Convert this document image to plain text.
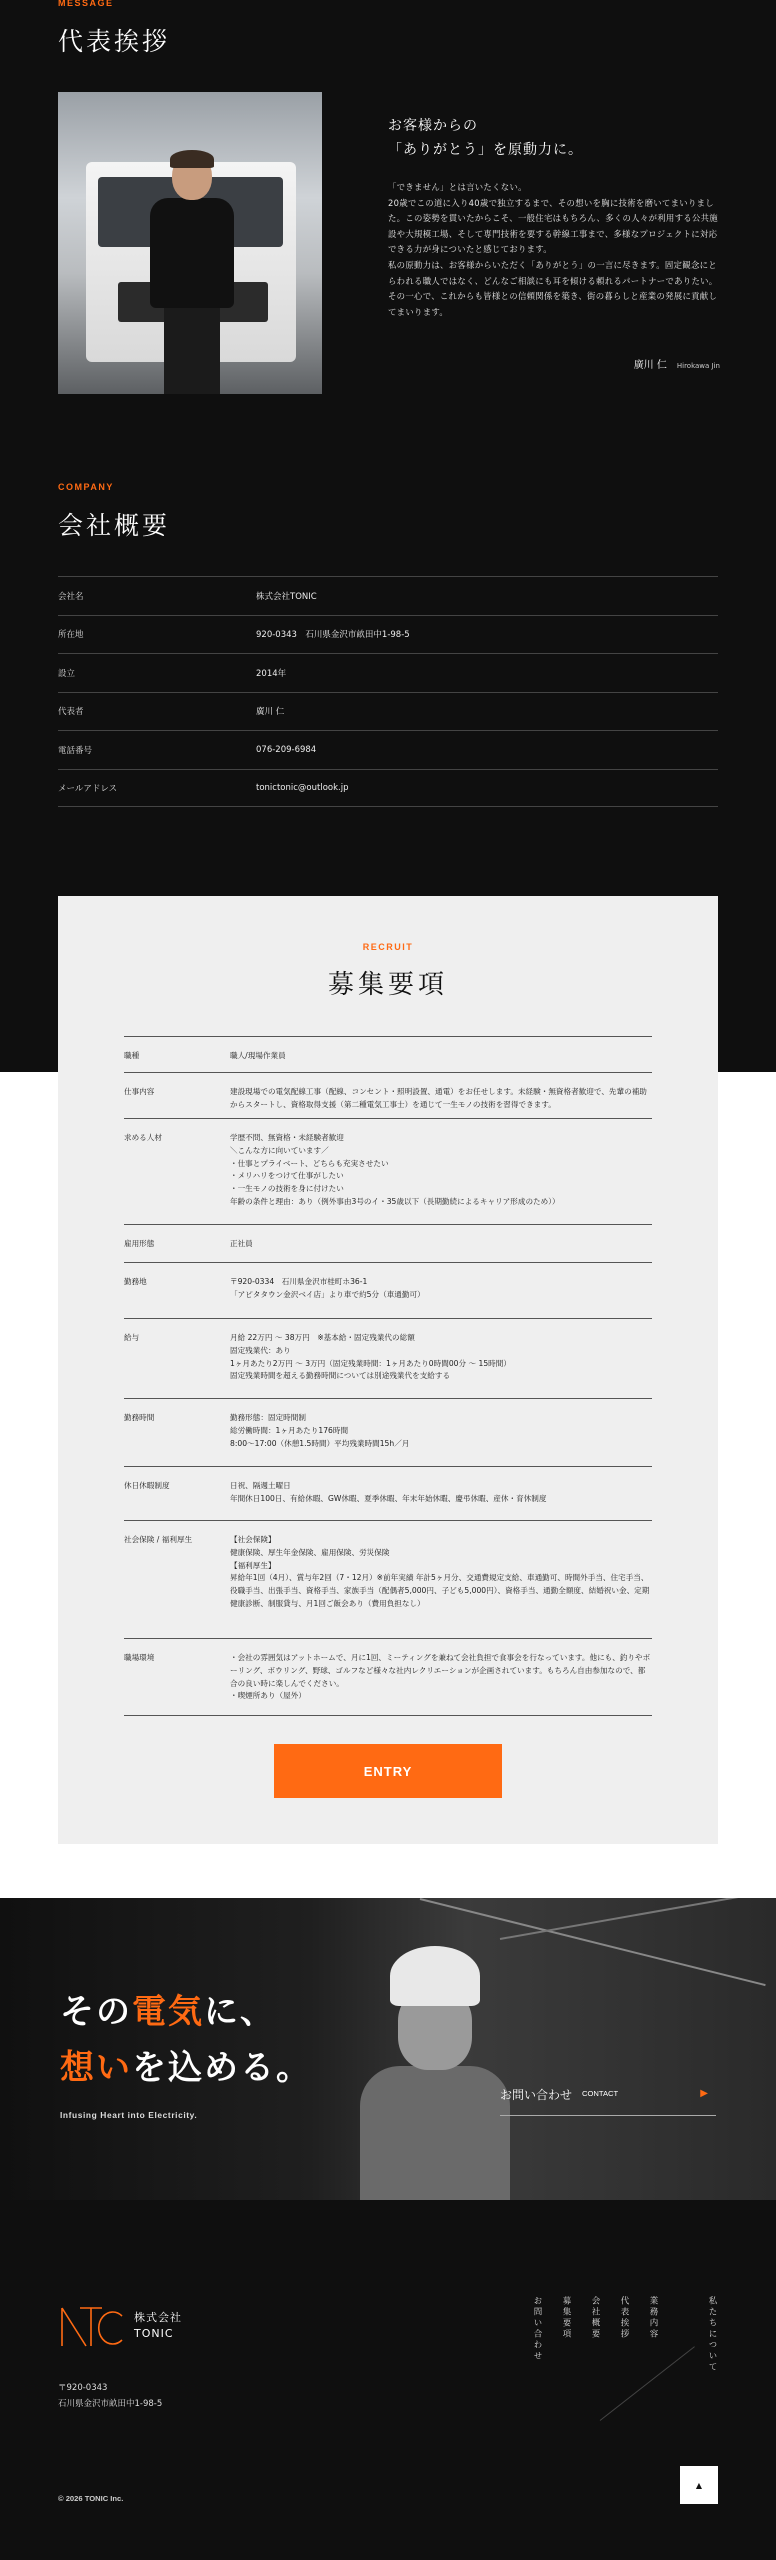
MESSAGE
代表挨拶
お客様からの
「ありがとう」を原動力に。

「できません」とは言いたくない。

20歳でこの道に入り40歳で独立するまで、その想いを胸に技術を磨いてまいりました。この姿勢を貫いたからこそ、一般住宅はもちろん、多くの人々が利用する公共施設や大規模工場、そして専門技術を要する幹線工事まで、多様なプロジェクトに対応できる力が身についたと感じております。

私の原動力は、お客様からいただく「ありがとう」の一言に尽きます。固定観念にとらわれる職人ではなく、どんなご相談にも耳を傾ける頼れるパートナーでありたい。

その一心で、これからも皆様との信頼関係を築き、街の暮らしと産業の発展に貢献してまいります。

廣川 仁 Hirokawa Jin
COMPANY
会社概要
会社名	株式会社TONIC
所在地	920-0343　石川県金沢市畝田中1-98-5
設立	2014年
代表者	廣川 仁
電話番号	076-209-6984
メールアドレス	tonictonic@outlook.jp
RECRUIT
募集要項
職種	職人/現場作業員
仕事内容	建設現場での電気配線工事（配線、コンセント・照明設置、通電）をお任せします。未経験・無資格者歓迎で、先輩の補助からスタートし、資格取得支援（第二種電気工事士）を通じて一生モノの技術を習得できます。
求める人材	学歴不問、無資格・未経験者歓迎
＼こんな方に向いています／
・仕事とプライベート、どちらも充実させたい
・メリハリをつけて仕事がしたい
・一生モノの技術を身に付けたい
年齢の条件と理由：あり（例外事由3号のイ・35歳以下（長期勤続によるキャリア形成のため））
雇用形態	正社員
勤務地	〒920-0334　石川県金沢市桂町ホ36-1
「アピタタウン金沢ベイ店」より車で約5分（車通勤可）
給与	月給 22万円 〜 38万円　※基本給・固定残業代の総額
固定残業代：あり
1ヶ月あたり2万円 〜 3万円（固定残業時間：1ヶ月あたり0時間00分 〜 15時間）
固定残業時間を超える勤務時間については別途残業代を支給する
勤務時間	勤務形態：固定時間制
総労働時間：1ヶ月あたり176時間
8:00〜17:00（休憩1.5時間）平均残業時間15h／月
休日休暇制度	日祝、隔週土曜日
年間休日100日、有給休暇、GW休暇、夏季休暇、年末年始休暇、慶弔休暇、産休・育休制度
社会保険 / 福利厚生	【社会保険】
健康保険、厚生年金保険、雇用保険、労災保険
【福利厚生】
昇給年1回（4月）、賞与年2回（7・12月）※前年実績 年計5ヶ月分、交通費規定支給、車通勤可、時間外手当、住宅手当、役職手当、出張手当、資格手当、家族手当（配偶者5,000円、子ども5,000円）、資格手当、通勤全額度、結婚祝い金、定期健康診断、制服貸与、月1回ご飯会あり（費用負担なし）
職場環境	・会社の雰囲気はアットホームで、月に1回、ミーティングを兼ねて会社負担で食事会を行なっています。他にも、釣りやボーリング、ボウリング、野球、ゴルフなど様々な社内レクリエーションが企画されています。もちろん自由参加なので、都合の良い時に楽しんでください。
・喫煙所あり（屋外）
ENTRY
その電気に、
想いを込める。
Infusing Heart into Electricity.
お問い合わせ CONTACT	▶
株式会社
TONIC
〒920-0343
石川県金沢市畝田中1-98-5
私たちについて
業務内容
代表挨拶
会社概要
募集要項
お問い合わせ
© 2026 TONIC Inc.
▲
